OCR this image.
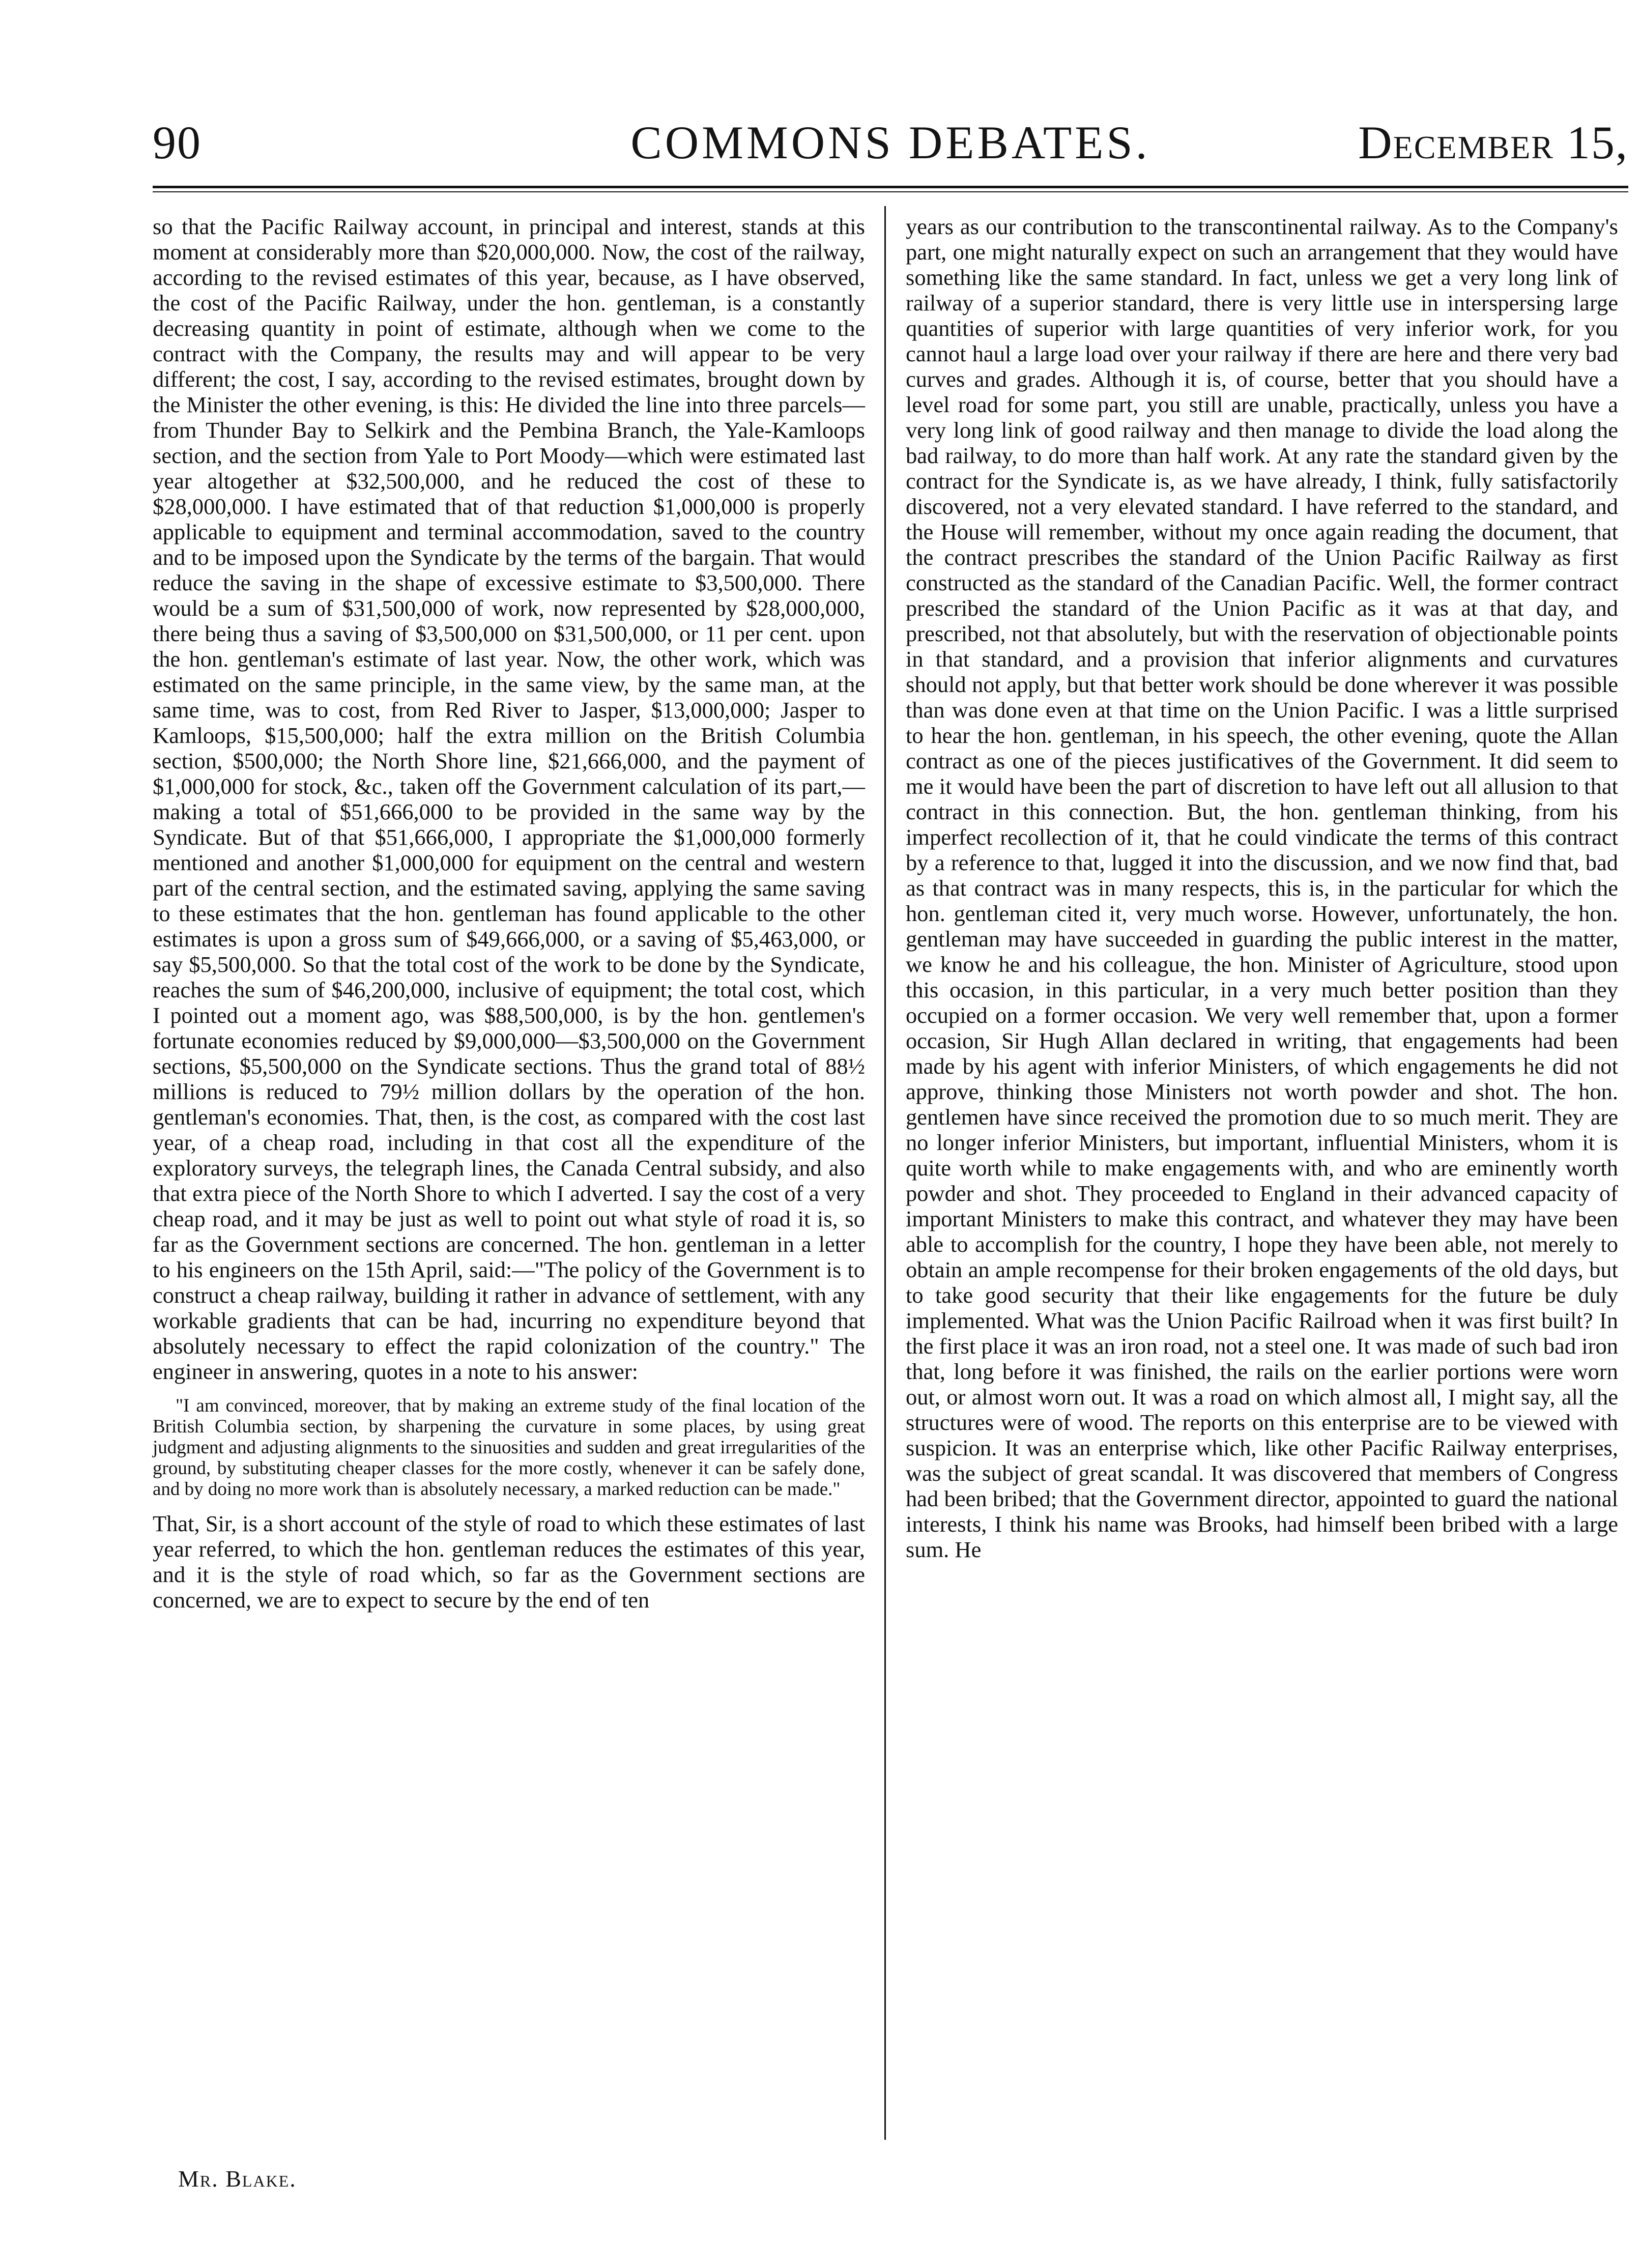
90	COMMONS DEBATES.	December 15,

so that the Pacific Railway account, in principal and interest, stands at this moment at considerably more than $20,000,000. Now, the cost of the railway, according to the revised estimates of this year, because, as I have observed, the cost of the Pacific Railway, under the hon. gentleman, is a constantly decreasing quantity in point of estimate, although when we come to the contract with the Company, the results may and will appear to be very different; the cost, I say, according to the revised estimates, brought down by the Minister the other evening, is this: He divided the line into three parcels—from Thunder Bay to Selkirk and the Pembina Branch, the Yale-Kamloops section, and the section from Yale to Port Moody—which were estimated last year altogether at $32,500,000, and he reduced the cost of these to $28,000,000. I have estimated that of that reduction $1,000,000 is properly applicable to equipment and terminal accommodation, saved to the country and to be imposed upon the Syndicate by the terms of the bargain. That would reduce the saving in the shape of excessive estimate to $3,500,000. There would be a sum of $31,500,000 of work, now represented by $28,000,000, there being thus a saving of $3,500,000 on $31,500,000, or 11 per cent. upon the hon. gentleman's estimate of last year. Now, the other work, which was estimated on the same principle, in the same view, by the same man, at the same time, was to cost, from Red River to Jasper, $13,000,000; Jasper to Kamloops, $15,500,000; half the extra million on the British Columbia section, $500,000; the North Shore line, $21,666,000, and the payment of $1,000,000 for stock, &c., taken off the Government calculation of its part,—making a total of $51,666,000 to be provided in the same way by the Syndicate. But of that $51,666,000, I appropriate the $1,000,000 formerly mentioned and another $1,000,000 for equipment on the central and western part of the central section, and the estimated saving, applying the same saving to these estimates that the hon. gentleman has found applicable to the other estimates is upon a gross sum of $49,666,000, or a saving of $5,463,000, or say $5,500,000. So that the total cost of the work to be done by the Syndicate, reaches the sum of $46,200,000, inclusive of equipment; the total cost, which I pointed out a moment ago, was $88,500,000, is by the hon. gentlemen's fortunate economies reduced by $9,000,000—$3,500,000 on the Government sections, $5,500,000 on the Syndicate sections. Thus the grand total of 88½ millions is reduced to 79½ million dollars by the operation of the hon. gentleman's economies. That, then, is the cost, as compared with the cost last year, of a cheap road, including in that cost all the expenditure of the exploratory surveys, the telegraph lines, the Canada Central subsidy, and also that extra piece of the North Shore to which I adverted. I say the cost of a very cheap road, and it may be just as well to point out what style of road it is, so far as the Government sections are concerned. The hon. gentleman in a letter to his engineers on the 15th April, said:—"The policy of the Government is to construct a cheap railway, building it rather in advance of settlement, with any workable gradients that can be had, incurring no expenditure beyond that absolutely necessary to effect the rapid colonization of the country." The engineer in answering, quotes in a note to his answer:

"I am convinced, moreover, that by making an extreme study of the final location of the British Columbia section, by sharpening the curvature in some places, by using great judgment and adjusting alignments to the sinuosities and sudden and great irregularities of the ground, by substituting cheaper classes for the more costly, whenever it can be safely done, and by doing no more work than is absolutely necessary, a marked reduction can be made."

That, Sir, is a short account of the style of road to which these estimates of last year referred, to which the hon. gentleman reduces the estimates of this year, and it is the style of road which, so far as the Government sections are concerned, we are to expect to secure by the end of ten

years as our contribution to the transcontinental railway. As to the Company's part, one might naturally expect on such an arrangement that they would have something like the same standard. In fact, unless we get a very long link of railway of a superior standard, there is very little use in interspersing large quantities of superior with large quantities of very inferior work, for you cannot haul a large load over your railway if there are here and there very bad curves and grades. Although it is, of course, better that you should have a level road for some part, you still are unable, practically, unless you have a very long link of good railway and then manage to divide the load along the bad railway, to do more than half work. At any rate the standard given by the contract for the Syndicate is, as we have already, I think, fully satisfactorily discovered, not a very elevated standard. I have referred to the standard, and the House will remember, without my once again reading the document, that the contract prescribes the standard of the Union Pacific Railway as first constructed as the standard of the Canadian Pacific. Well, the former contract prescribed the standard of the Union Pacific as it was at that day, and prescribed, not that absolutely, but with the reservation of objectionable points in that standard, and a provision that inferior alignments and curvatures should not apply, but that better work should be done wherever it was possible than was done even at that time on the Union Pacific. I was a little surprised to hear the hon. gentleman, in his speech, the other evening, quote the Allan contract as one of the pieces justificatives of the Government. It did seem to me it would have been the part of discretion to have left out all allusion to that contract in this connection. But, the hon. gentleman thinking, from his imperfect recollection of it, that he could vindicate the terms of this contract by a reference to that, lugged it into the discussion, and we now find that, bad as that contract was in many respects, this is, in the particular for which the hon. gentleman cited it, very much worse. However, unfortunately, the hon. gentleman may have succeeded in guarding the public interest in the matter, we know he and his colleague, the hon. Minister of Agriculture, stood upon this occasion, in this particular, in a very much better position than they occupied on a former occasion. We very well remember that, upon a former occasion, Sir Hugh Allan declared in writing, that engagements had been made by his agent with inferior Ministers, of which engagements he did not approve, thinking those Ministers not worth powder and shot. The hon. gentlemen have since received the promotion due to so much merit. They are no longer inferior Ministers, but important, influential Ministers, whom it is quite worth while to make engagements with, and who are eminently worth powder and shot. They proceeded to England in their advanced capacity of important Ministers to make this contract, and whatever they may have been able to accomplish for the country, I hope they have been able, not merely to obtain an ample recompense for their broken engagements of the old days, but to take good security that their like engagements for the future be duly implemented. What was the Union Pacific Railroad when it was first built? In the first place it was an iron road, not a steel one. It was made of such bad iron that, long before it was finished, the rails on the earlier portions were worn out, or almost worn out. It was a road on which almost all, I might say, all the structures were of wood. The reports on this enterprise are to be viewed with suspicion. It was an enterprise which, like other Pacific Railway enterprises, was the subject of great scandal. It was discovered that members of Congress had been bribed; that the Government director, appointed to guard the national interests, I think his name was Brooks, had himself been bribed with a large sum. He

Mr. Blake.
